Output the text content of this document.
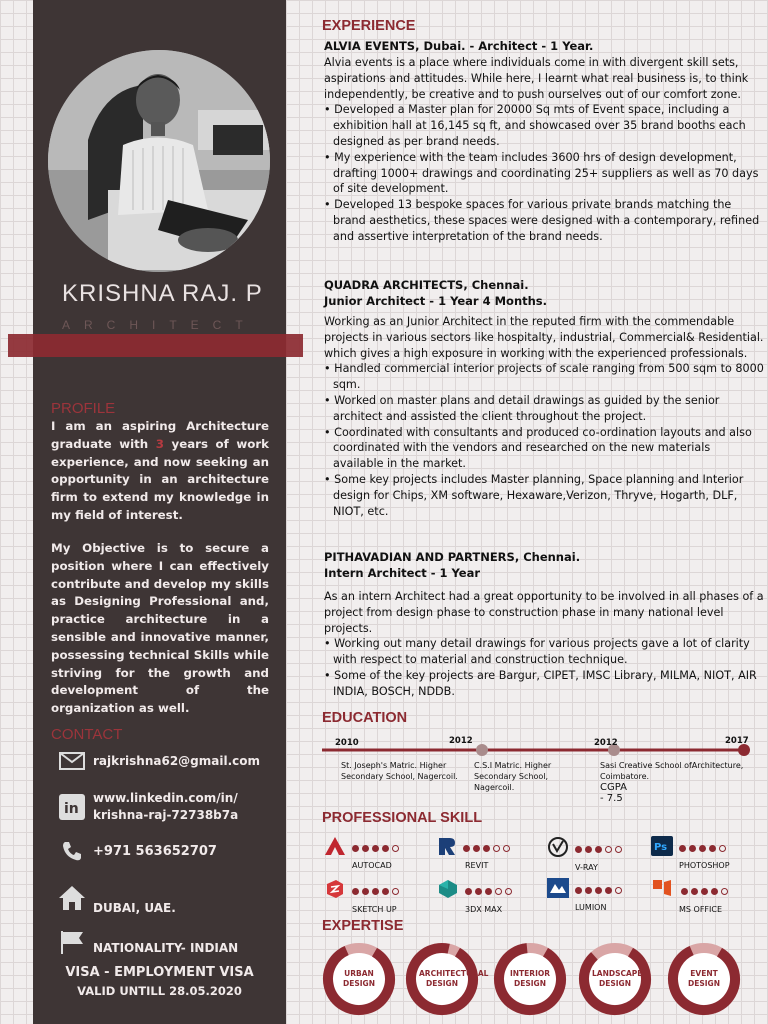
KRISHNA RAJ. P
ARCHITECT
PROFILE
I am an aspiring Architecture graduate with 3 years of work experience, and now seeking an opportunity in an architecture firm to extend my knowledge in my field of interest.
My Objective is to secure a position where I can effectively contribute and develop my skills as Designing Professional and, practice architecture in a sensible and innovative manner, possessing technical Skills while striving for the growth and development of the organization as well.
CONTACT
rajkrishna62@gmail.com
in
www.linkedin.com/in/
krishna-raj-72738b7a
+971 563652707
DUBAI, UAE.
NATIONALITY- INDIAN
VISA - EMPLOYMENT VISA
VALID UNTILL 28.05.2020
EXPERIENCE
ALVIA EVENTS, Dubai. - Architect - 1 Year.
Alvia events is a place where individuals come in with divergent skill sets, aspirations and attitudes. While here, I learnt what real business is, to think independently, be creative and to push ourselves out of our comfort zone.
• Developed a Master plan for 20000 Sq mts of Event space, including a exhibition hall at 16,145 sq ft, and showcased over 35 brand booths each designed as per brand needs.
• My experience with the team includes 3600 hrs of design development, drafting 1000+ drawings and coordinating 25+ suppliers as well as 70 days of site development.
• Developed 13 bespoke spaces for various private brands matching the brand aesthetics, these spaces were designed with a contemporary, refined and assertive interpretation of the brand needs.
QUADRA ARCHITECTS, Chennai.
Junior Architect - 1 Year 4 Months.
Working as an Junior Architect in the reputed firm with the commendable projects in various sectors like hospitalty, industrial, Commercial& Residential. which gives a high exposure in working with the experienced professionals.
• Handled commercial interior projects of scale ranging from 500 sqm to 8000 sqm.
• Worked on master plans and detail drawings as guided by the senior architect and assisted the client throughout the project.
• Coordinated with consultants and produced co-ordination layouts and also coordinated with the vendors and researched on the new materials available in the market.
• Some key projects includes Master planning, Space planning and Interior design for Chips, XM software, Hexaware,Verizon, Thryve, Hogarth, DLF, NIOT, etc.
PITHAVADIAN AND PARTNERS, Chennai.
Intern Architect - 1 Year
As an intern Architect had a great opportunity to be involved in all phases of a project from design phase to construction phase in many national level projects.
• Working out many detail drawings for various projects gave a lot of clarity with respect to material and construction technique.
• Some of the key projects are Bargur, CIPET, IMSC Library, MILMA, NIOT, AIR INDIA, BOSCH, NDDB.
EDUCATION
2010	2012	2012	2017
St. Joseph's Matric. Higher Secondary School, Nagercoil.
C.S.I Matric. Higher Secondary School, Nagercoil.
Sasi Creative School ofArchitecture, Coimbatore.
CGPA - 7.5
PROFESSIONAL SKILL
AUTOCAD	REVIT	V-RAY
Ps
PHOTOSHOP
SKETCH UP	3DX MAX	LUMION	MS OFFICE
EXPERTISE
URBAN DESIGN
ARCHITECTURAL DESIGN
INTERIOR DESIGN
LANDSCAPE DESIGN
EVENT DESIGN
